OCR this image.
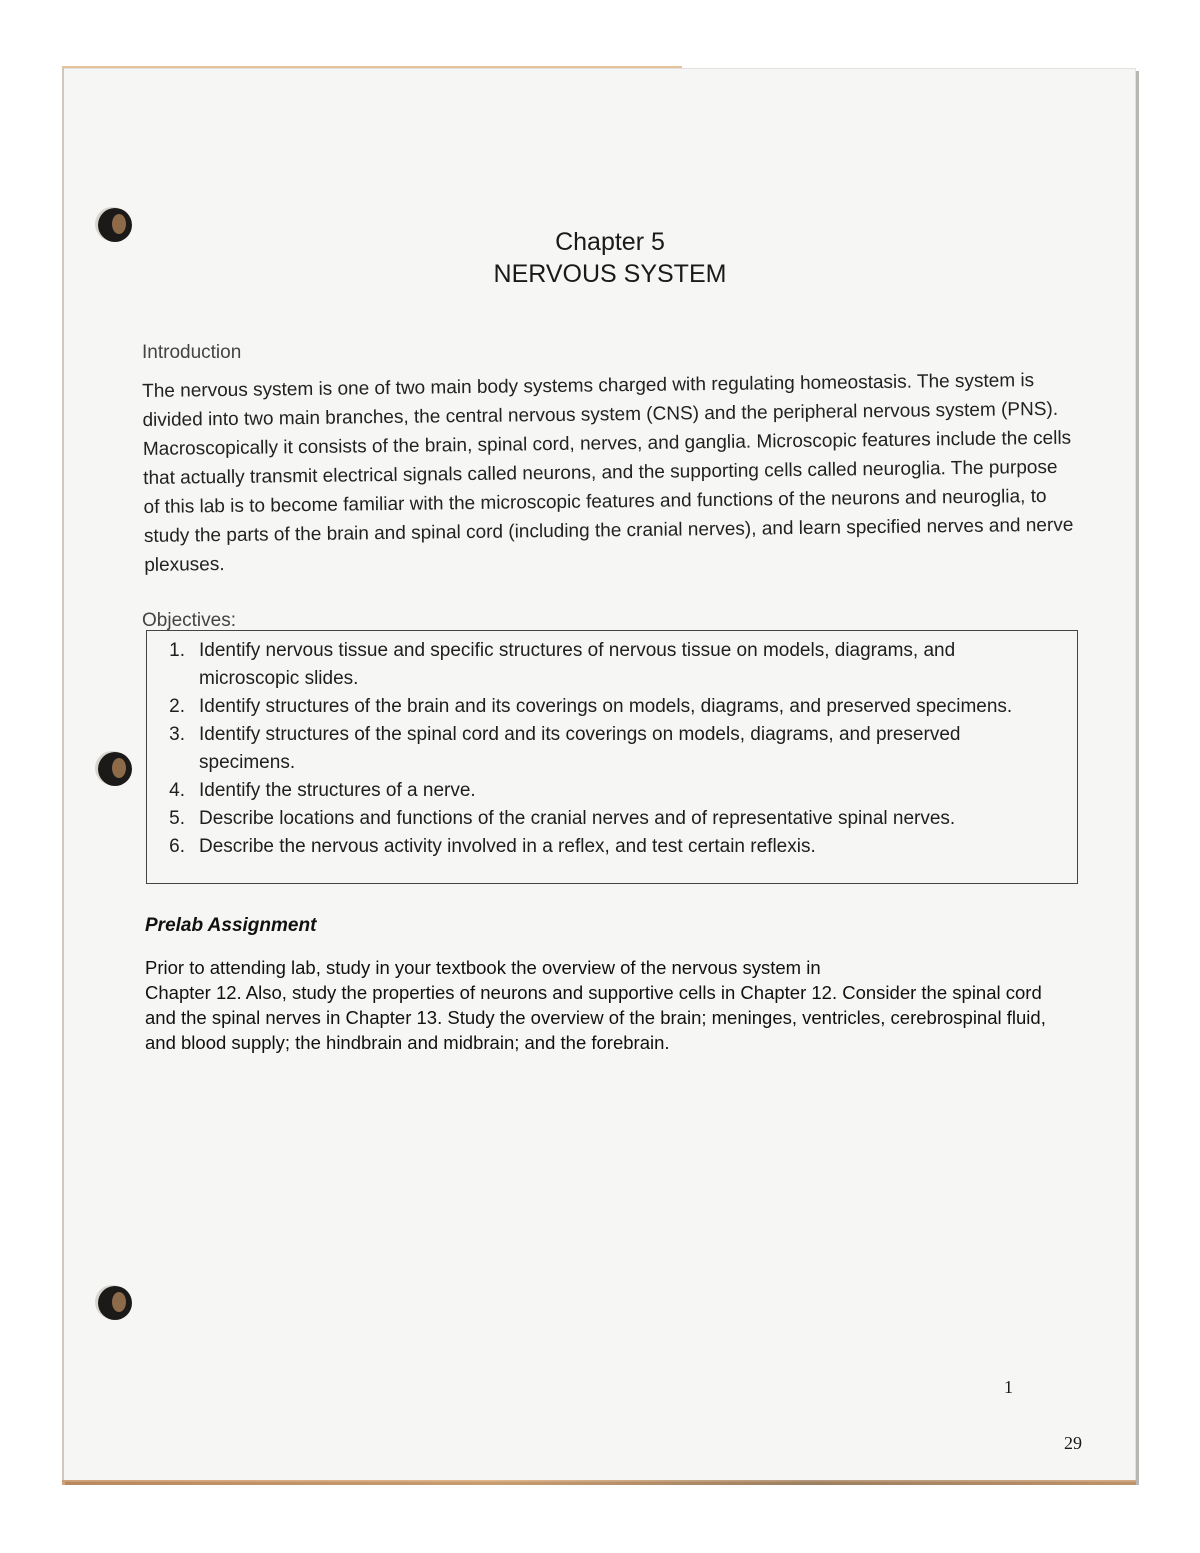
Chapter 5
NERVOUS SYSTEM
Introduction
The nervous system is one of two main body systems charged with regulating homeostasis. The system is divided into two main branches, the central nervous system (CNS) and the peripheral nervous system (PNS). Macroscopically it consists of the brain, spinal cord, nerves, and ganglia. Microscopic features include the cells that actually transmit electrical signals called neurons, and the supporting cells called neuroglia. The purpose of this lab is to become familiar with the microscopic features and functions of the neurons and neuroglia, to study the parts of the brain and spinal cord (including the cranial nerves), and learn specified nerves and nerve plexuses.
Objectives:
1. Identify nervous tissue and specific structures of nervous tissue on models, diagrams, and microscopic slides.
2. Identify structures of the brain and its coverings on models, diagrams, and preserved specimens.
3. Identify structures of the spinal cord and its coverings on models, diagrams, and preserved specimens.
4. Identify the structures of a nerve.
5. Describe locations and functions of the cranial nerves and of representative spinal nerves.
6. Describe the nervous activity involved in a reflex, and test certain reflexis.
Prelab Assignment

Prior to attending lab, study in your textbook the overview of the nervous system in

Chapter 12. Also, study the properties of neurons and supportive cells in Chapter 12. Consider the spinal cord and the spinal nerves in Chapter 13. Study the overview of the brain; meninges, ventricles, cerebrospinal fluid, and blood supply; the hindbrain and midbrain; and the forebrain.

1
29
